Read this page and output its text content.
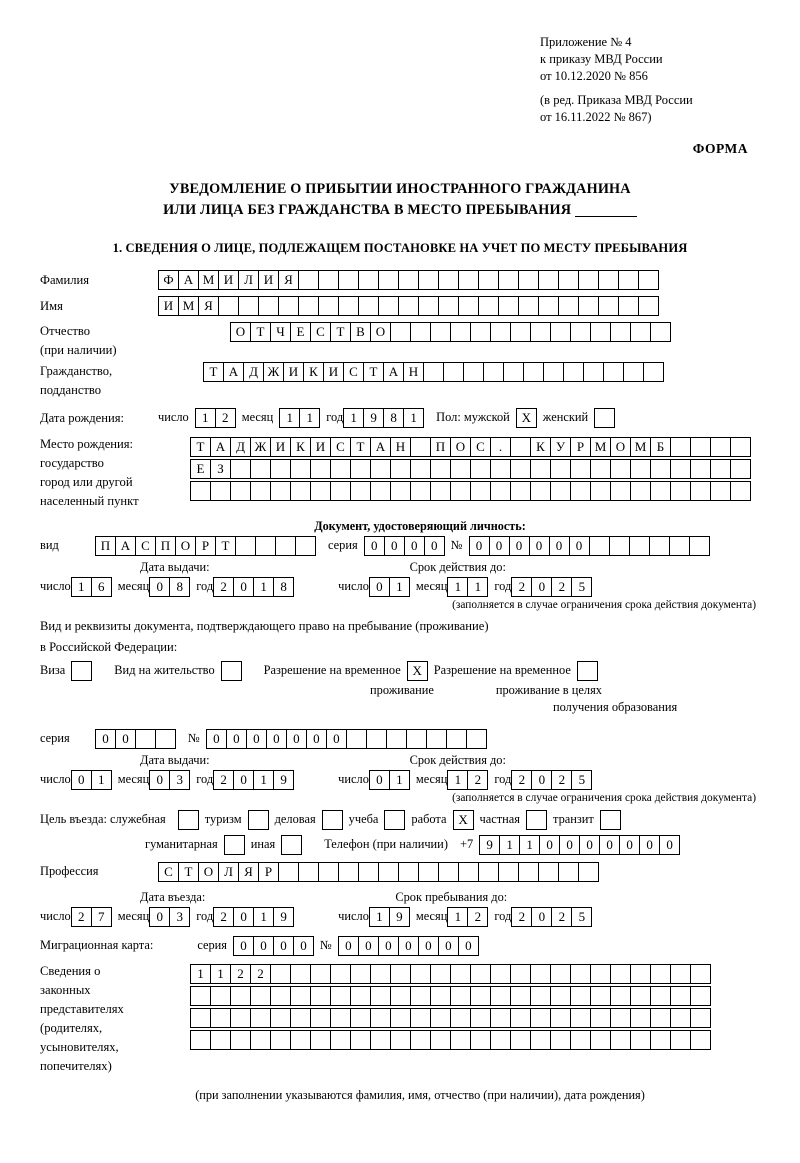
Приложение № 4
к приказу МВД России
от 10.12.2020 № 856
(в ред. Приказа МВД России
от 16.11.2022 № 867)
ФОРМА
УВЕДОМЛЕНИЕ О ПРИБЫТИИ ИНОСТРАННОГО ГРАЖДАНИНА
ИЛИ ЛИЦА БЕЗ ГРАЖДАНСТВА В МЕСТО ПРЕБЫВАНИЯ
1. СВЕДЕНИЯ О ЛИЦЕ, ПОДЛЕЖАЩЕМ ПОСТАНОВКЕ НА УЧЕТ ПО МЕСТУ ПРЕБЫВАНИЯ
Фамилия	Ф А М И Л И Я
Имя	И М Я
Отчество
(при наличии)
О Т Ч Е С Т В О
Гражданство,
подданство
Т А Д Ж И К И С Т А Н
Дата рождения:	число	1	2	месяц	1	1	год 1	9	8	1	Пол: мужской X женский
Место рождения:
государство
город или другой
населенный пункт
Т А Д Ж И К И С Т А Н	П О С	.	К У Р М О М Б
Е З
Документ, удостоверяющий личность:
вид	П А С П О Р Т	серия	0	0	0	0	№	0	0	0	0	0	0
Дата выдачи:	Срок действия до:
число 1	6	месяц 0	8	год 2	0	1	8	число 0	1	месяц 1	1	год 2	0	2	5
(заполняется в случае ограничения срока действия документа)
Вид и реквизиты документа, подтверждающего право на пребывание (проживание)
в Российской Федерации:
Виза	Вид на жительство	Разрешение на временное X Разрешение на временное
проживание	проживание в целях
получения образования
серия	0	0	№	0	0	0	0	0	0	0
Дата выдачи:	Срок действия до:
число 0	1	месяц 0	3	год 2	0	1	9	число 0	1	месяц 1	2	год 2	0	2	5
(заполняется в случае ограничения срока действия документа)
Цель въезда: служебная	туризм	деловая	учеба	работа X частная	транзит
гуманитарная	иная	Телефон (при наличии) +7	9	1	1	0	0	0	0	0	0	0
Профессия	С Т О Л Я Р
Дата въезда:	Срок пребывания до:
число 2	7	месяц 0	3	год 2	0	1	9	число 1	9	месяц 1	2	год 2	0	2	5
Миграционная карта:	серия	0	0	0	0	№	0	0	0	0	0	0	0
Сведения о
законных
представителях
(родителях,
усыновителях,
попечителях)
1	1	2	2
(при заполнении указываются фамилия, имя, отчество (при наличии), дата рождения)
